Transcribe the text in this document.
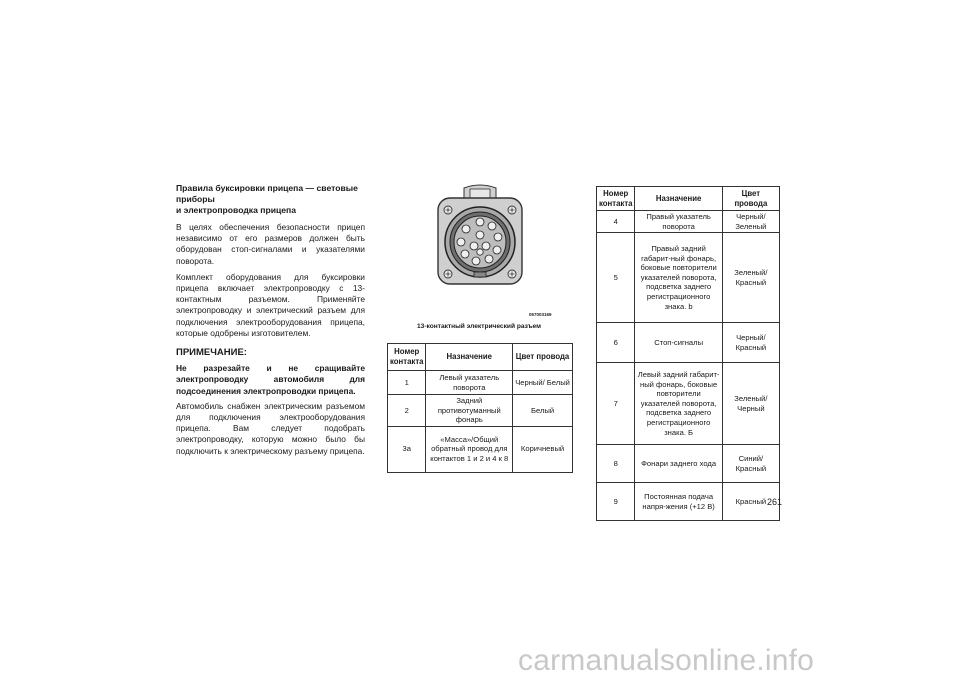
Правила буксировки прицепа — световые приборы
и электропроводка прицепа

В целях обеспечения безопасности прицеп независимо от его размеров должен быть оборудован стоп-сигналами и указателями поворота.

Комплект оборудования для буксировки прицепа включает электропроводку с 13-контактным разъемом. Применяйте электропроводку и электрический разъем для подключения электрооборудования прицепа, которые одобрены изготовителем.

ПРИМЕЧАНИЕ:

Не разрезайте и не сращивайте электропроводку автомобиля для подсоединения электропроводки прицепа.

Автомобиль снабжен электрическим разъемом для подключения электрооборудования прицепа. Вам следует подобрать электропроводку, которую можно было бы подключить к электрическому разъему прицепа.

057003169
13-контактный электрический разъем
Номер контакта	Назначение	Цвет провода
1	Левый указатель поворота	Черный/ Белый
2	Задний противотуманный фонарь	Белый
3a	«Масса»/Общий обратный провод для контактов 1 и 2 и 4 к 8	Коричневый
Номер контакта	Назначение	Цвет провода
4	Правый указатель поворота	Черный/ Зеленый
5	Правый задний габарит-ный фонарь, боковые повторители указателей поворота, подсветка заднего регистрационного знака. b	Зеленый/ Красный
6	Стоп-сигналы	Черный/ Красный
7	Левый задний габарит-ный фонарь, боковые повторители указателей поворота, подсветка заднего регистрационного знака. Б	Зеленый/ Черный
8	Фонари заднего хода	Синий/ Красный
9	Постоянная подача напря-жения (+12 В)	Красный 261
carmanualsonline.info
